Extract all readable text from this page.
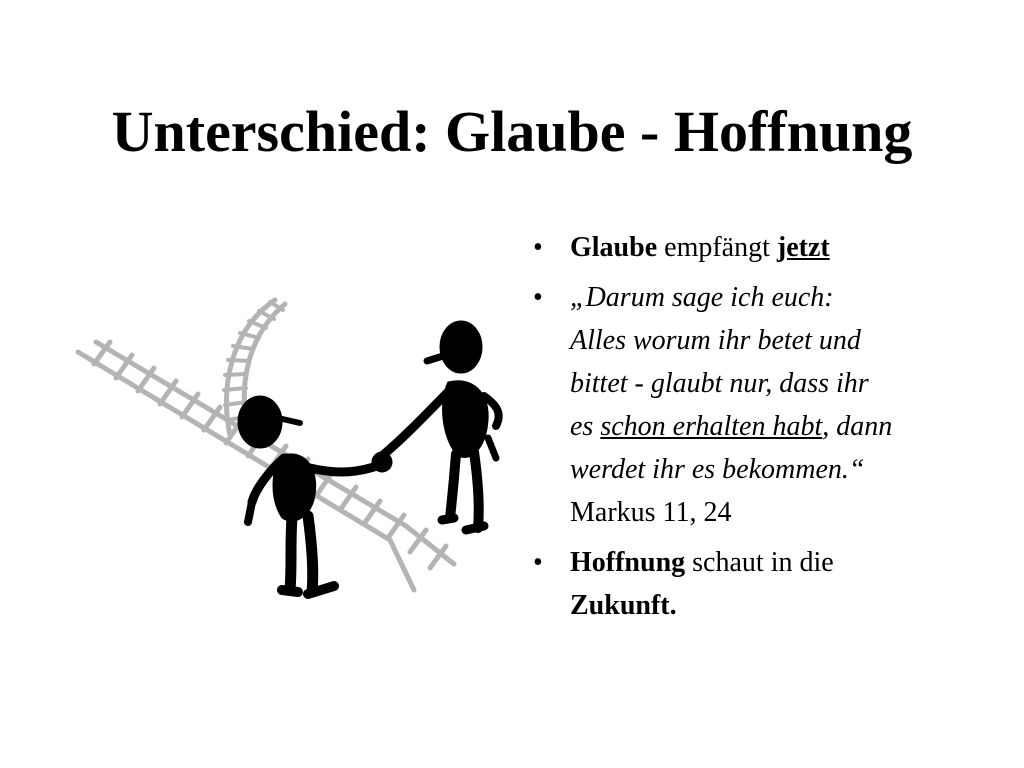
Unterschied: Glaube - Hoffnung
• Glaube empfängt jetzt
• „Darum sage ich euch:
Alles worum ihr betet und
bittet - glaubt nur, dass ihr
es schon erhalten habt, dann
werdet ihr es bekommen.“
Markus 11, 24
• Hoffnung schaut in die
Zukunft.
